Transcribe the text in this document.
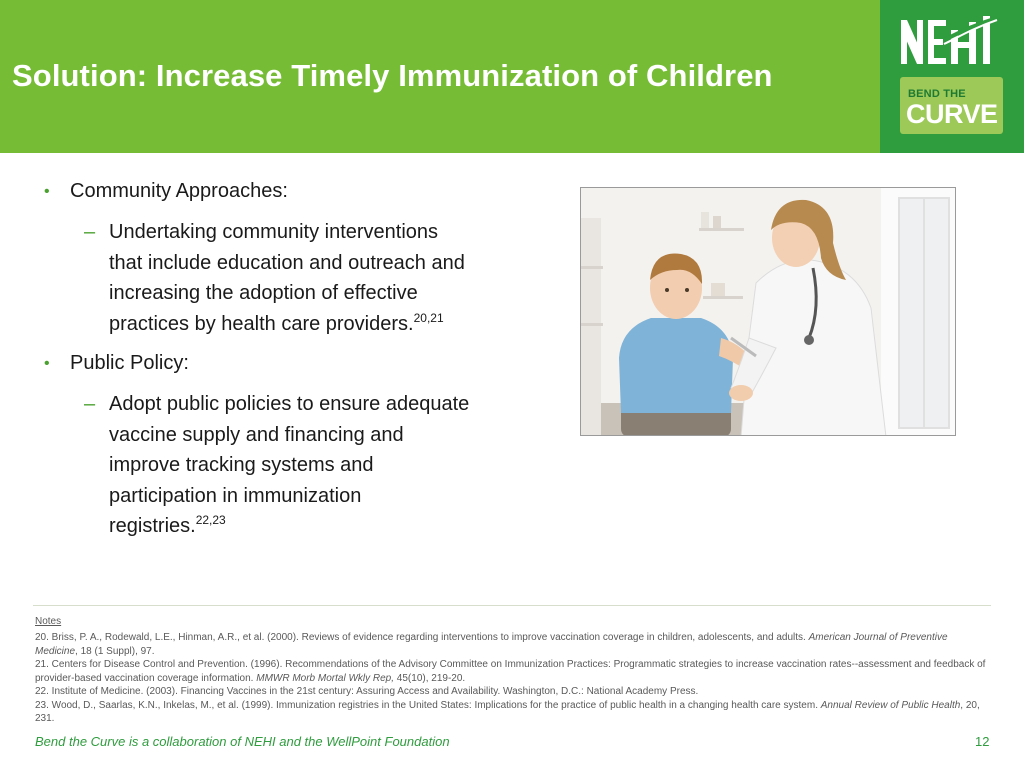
Solution: Increase Timely Immunization of Children
BEND THE
CURVE
• Community Approaches:
– Undertaking community interventions
that include education and outreach and
increasing the adoption of effective
practices by health care providers.$^{20,21}$
• Public Policy:
– Adopt public policies to ensure adequate
vaccine supply and financing and
improve tracking systems and
participation in immunization
registries.$^{22,23}$
Notes

20. Briss, P. A., Rodewald, L.E., Hinman, A.R., et al. (2000). Reviews of evidence regarding interventions to improve vaccination coverage in children, adolescents, and adults. American Journal of Preventive Medicine, 18 (1 Suppl), 97.

21. Centers for Disease Control and Prevention. (1996). Recommendations of the Advisory Committee on Immunization Practices: Programmatic strategies to increase vaccination rates--assessment and feedback of provider-based vaccination coverage information. MMWR Morb Mortal Wkly Rep, 45(10), 219-20.

22. Institute of Medicine. (2003). Financing Vaccines in the 21st century: Assuring Access and Availability. Washington, D.C.: National Academy Press.

23. Wood, D., Saarlas, K.N., Inkelas, M., et al. (1999). Immunization registries in the United States: Implications for the practice of public health in a changing health care system. Annual Review of Public Health, 20, 231.

Bend the Curve is a collaboration of NEHI and the WellPoint Foundation	12
